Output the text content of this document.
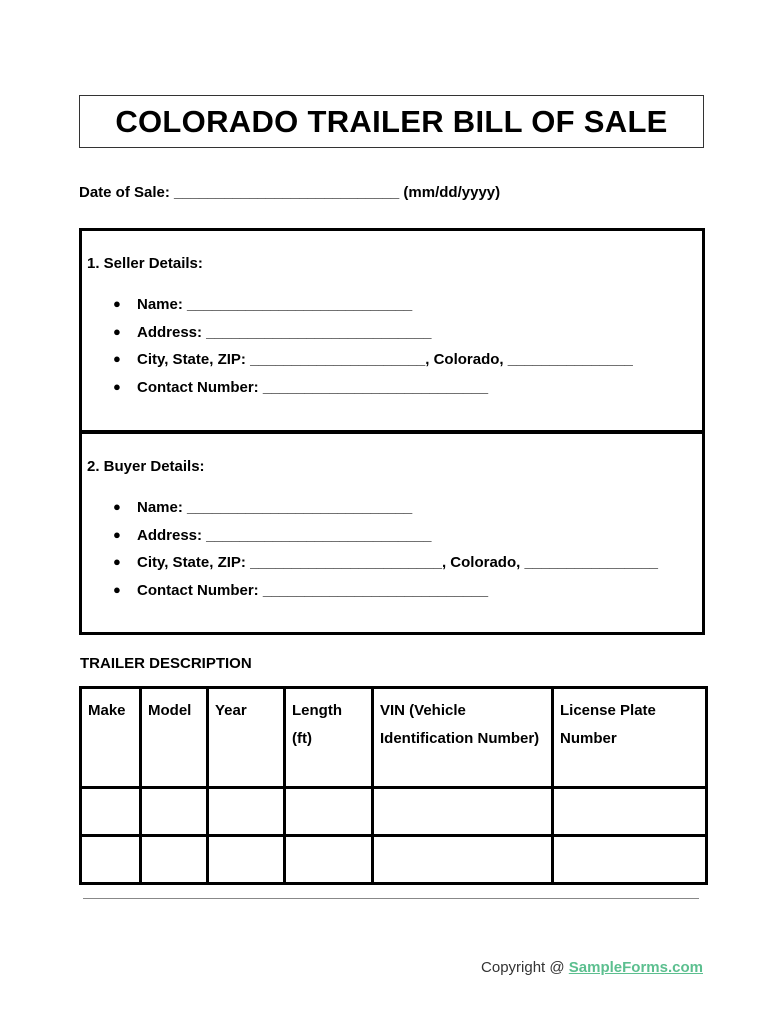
COLORADO TRAILER BILL OF SALE
Date of Sale: ___________________________ (mm/dd/yyyy)
1. Seller Details:
●	Name: ___________________________
●	Address: ___________________________
●	City, State, ZIP: _____________________, Colorado, _______________
●	Contact Number: ___________________________
2. Buyer Details:
●	Name: ___________________________
●	Address: ___________________________
●	City, State, ZIP: _______________________, Colorado, ________________
●	Contact Number: ___________________________
TRAILER DESCRIPTION
Make	Model	Year	Length (ft)	VIN (Vehicle Identification Number)	License Plate Number

Copyright @ SampleForms.com
